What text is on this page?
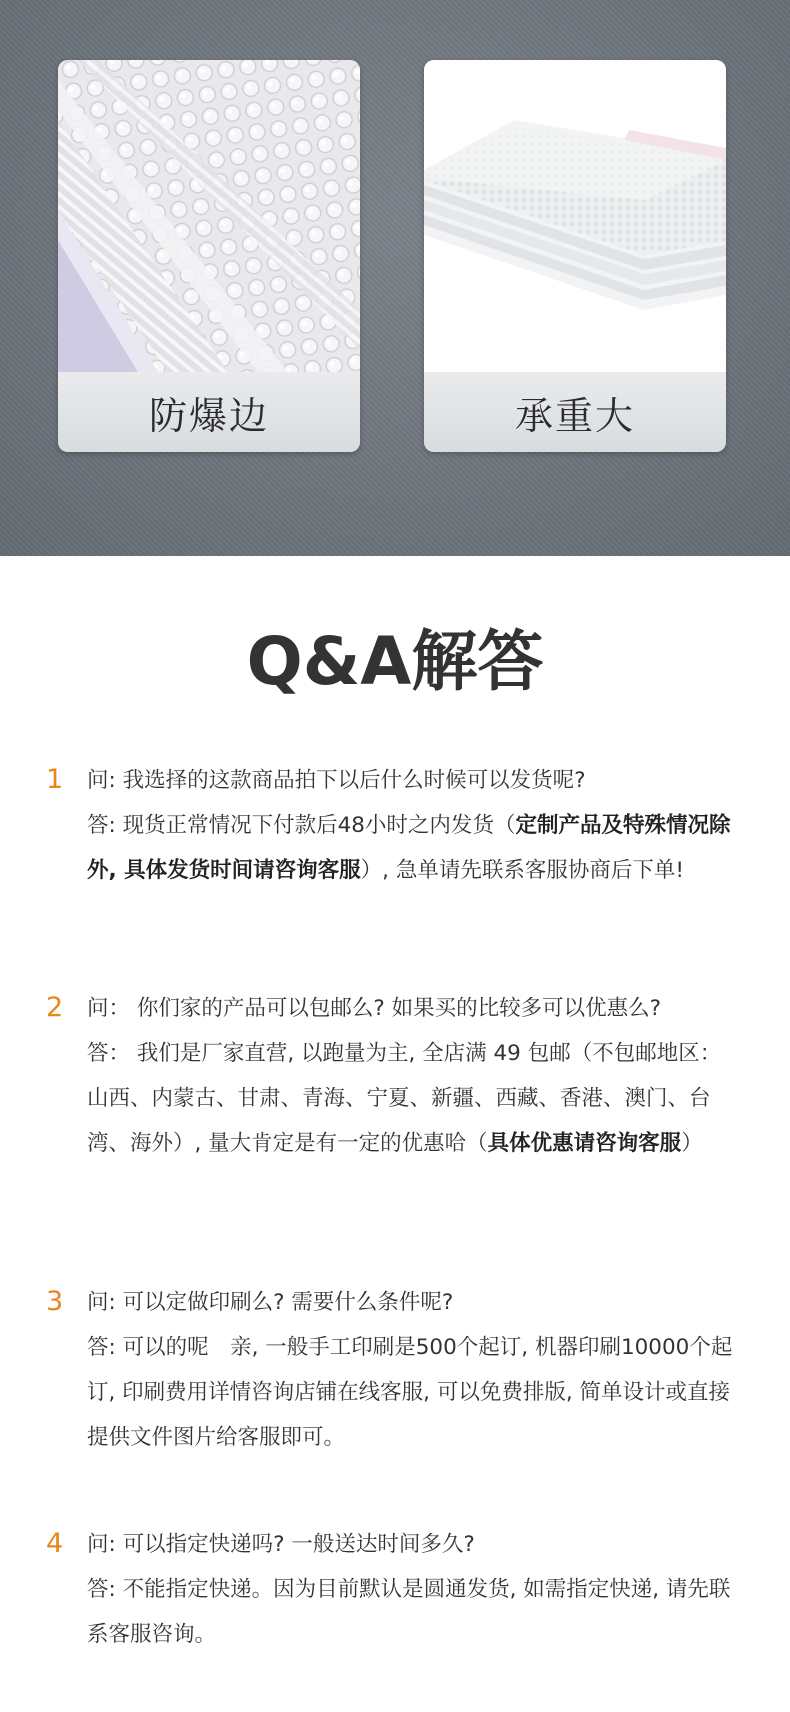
防爆边	承重大
Q&A解答
1 问: 我选择的这款商品拍下以后什么时候可以发货呢?

答: 现货正常情况下付款后48小时之内发货（定制产品及特殊情况除外, 具体发货时间请咨询客服）, 急单请先联系客服协商后下单!

2 问： 你们家的产品可以包邮么? 如果买的比较多可以优惠么?

答： 我们是厂家直营, 以跑量为主, 全店满 49 包邮（不包邮地区： 山西、内蒙古、甘肃、青海、宁夏、新疆、西藏、香港、澳门、台湾、海外）, 量大肯定是有一定的优惠哈（具体优惠请咨询客服）

3 问: 可以定做印刷么? 需要什么条件呢?

答: 可以的呢　亲, 一般手工印刷是500个起订, 机器印刷10000个起订, 印刷费用详情咨询店铺在线客服, 可以免费排版, 简单设计或直接提供文件图片给客服即可。

4 问: 可以指定快递吗? 一般送达时间多久?

答: 不能指定快递。因为目前默认是圆通发货, 如需指定快递, 请先联系客服咨询。
